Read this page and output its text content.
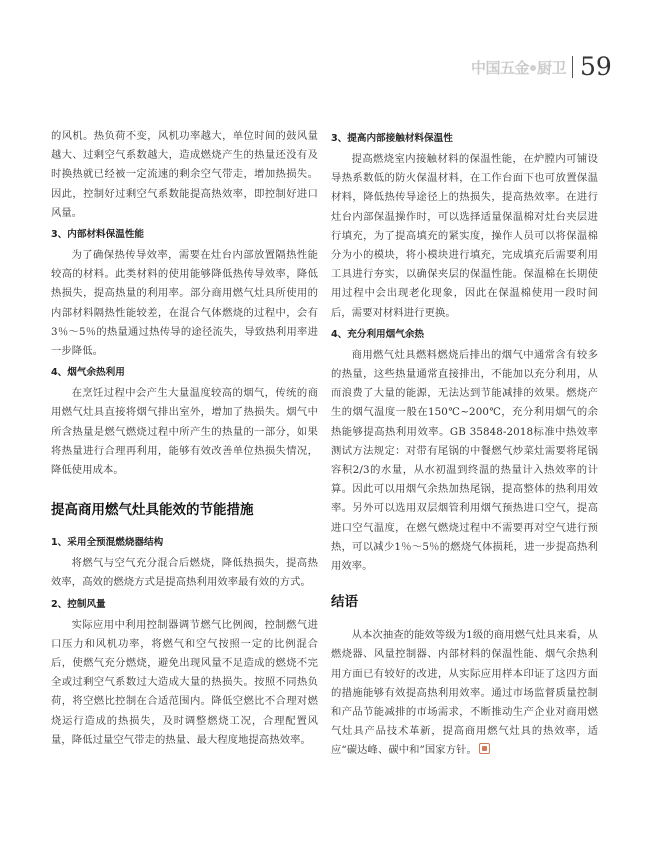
中国五金 厨卫 59

的风机。热负荷不变，风机功率越大，单位时间的鼓风量越大、过剩空气系数越大，造成燃烧产生的热量还没有及时换热就已经被一定流速的剩余空气带走，增加热损失。因此，控制好过剩空气系数能提高热效率，即控制好进口风量。

3、内部材料保温性能

为了确保热传导效率，需要在灶台内部放置隔热性能较高的材料。此类材料的使用能够降低热传导效率，降低热损失，提高热量的利用率。部分商用燃气灶具所使用的内部材料隔热性能较差，在混合气体燃烧的过程中，会有3％～5％的热量通过热传导的途径流失，导致热利用率进一步降低。

4、烟气余热利用

在烹饪过程中会产生大量温度较高的烟气，传统的商用燃气灶具直接将烟气排出室外，增加了热损失。烟气中所含热量是燃气燃烧过程中所产生的热量的一部分，如果将热量进行合理再利用，能够有效改善单位热损失情况，降低使用成本。

提高商用燃气灶具能效的节能措施
1、采用全预混燃烧器结构

将燃气与空气充分混合后燃烧，降低热损失，提高热效率，高效的燃烧方式是提高热利用效率最有效的方式。

2、控制风量

实际应用中利用控制器调节燃气比例阀，控制燃气进口压力和风机功率，将燃气和空气按照一定的比例混合后，使燃气充分燃烧，避免出现风量不足造成的燃烧不完全或过剩空气系数过大造成大量的热损失。按照不同热负荷，将空燃比控制在合适范围内。降低空燃比不合理对燃烧运行造成的热损失，及时调整燃烧工况，合理配置风量，降低过量空气带走的热量、最大程度地提高热效率。

3、提高内部接触材料保温性

提高燃烧室内接触材料的保温性能，在炉膛内可铺设导热系数低的防火保温材料，在工作台面下也可放置保温材料，降低热传导途径上的热损失，提高热效率。在进行灶台内部保温操作时，可以选择适量保温棉对灶台夹层进行填充，为了提高填充的紧实度，操作人员可以将保温棉分为小的模块，将小模块进行填充，完成填充后需要利用工具进行夯实，以确保夹层的保温性能。保温棉在长期使用过程中会出现老化现象，因此在保温棉使用一段时间后，需要对材料进行更换。

4、充分利用烟气余热

商用燃气灶具燃料燃烧后排出的烟气中通常含有较多的热量，这些热量通常直接排出，不能加以充分利用，从而浪费了大量的能源，无法达到节能减排的效果。燃烧产生的烟气温度一般在150℃~200℃，充分利用烟气的余热能够提高热利用效率。GB 35848-2018标准中热效率测试方法规定：对带有尾锅的中餐燃气炒菜灶需要将尾锅容积2/3的水量，从水初温到终温的热量计入热效率的计算。因此可以用烟气余热加热尾锅，提高整体的热利用效率。另外可以选用双层烟管利用烟气预热进口空气，提高进口空气温度，在燃气燃烧过程中不需要再对空气进行预热，可以减少1％～5％的燃烧气体损耗，进一步提高热利用效率。

结语

从本次抽查的能效等级为1级的商用燃气灶具来看，从燃烧器、风量控制器、内部材料的保温性能、烟气余热利用方面已有较好的改进，从实际应用样本印证了这四方面的措施能够有效提高热利用效率。通过市场监督质量控制和产品节能减排的市场需求，不断推动生产企业对商用燃气灶具产品技术革新，提高商用燃气灶具的热效率，适应“碳达峰、碳中和”国家方针。
